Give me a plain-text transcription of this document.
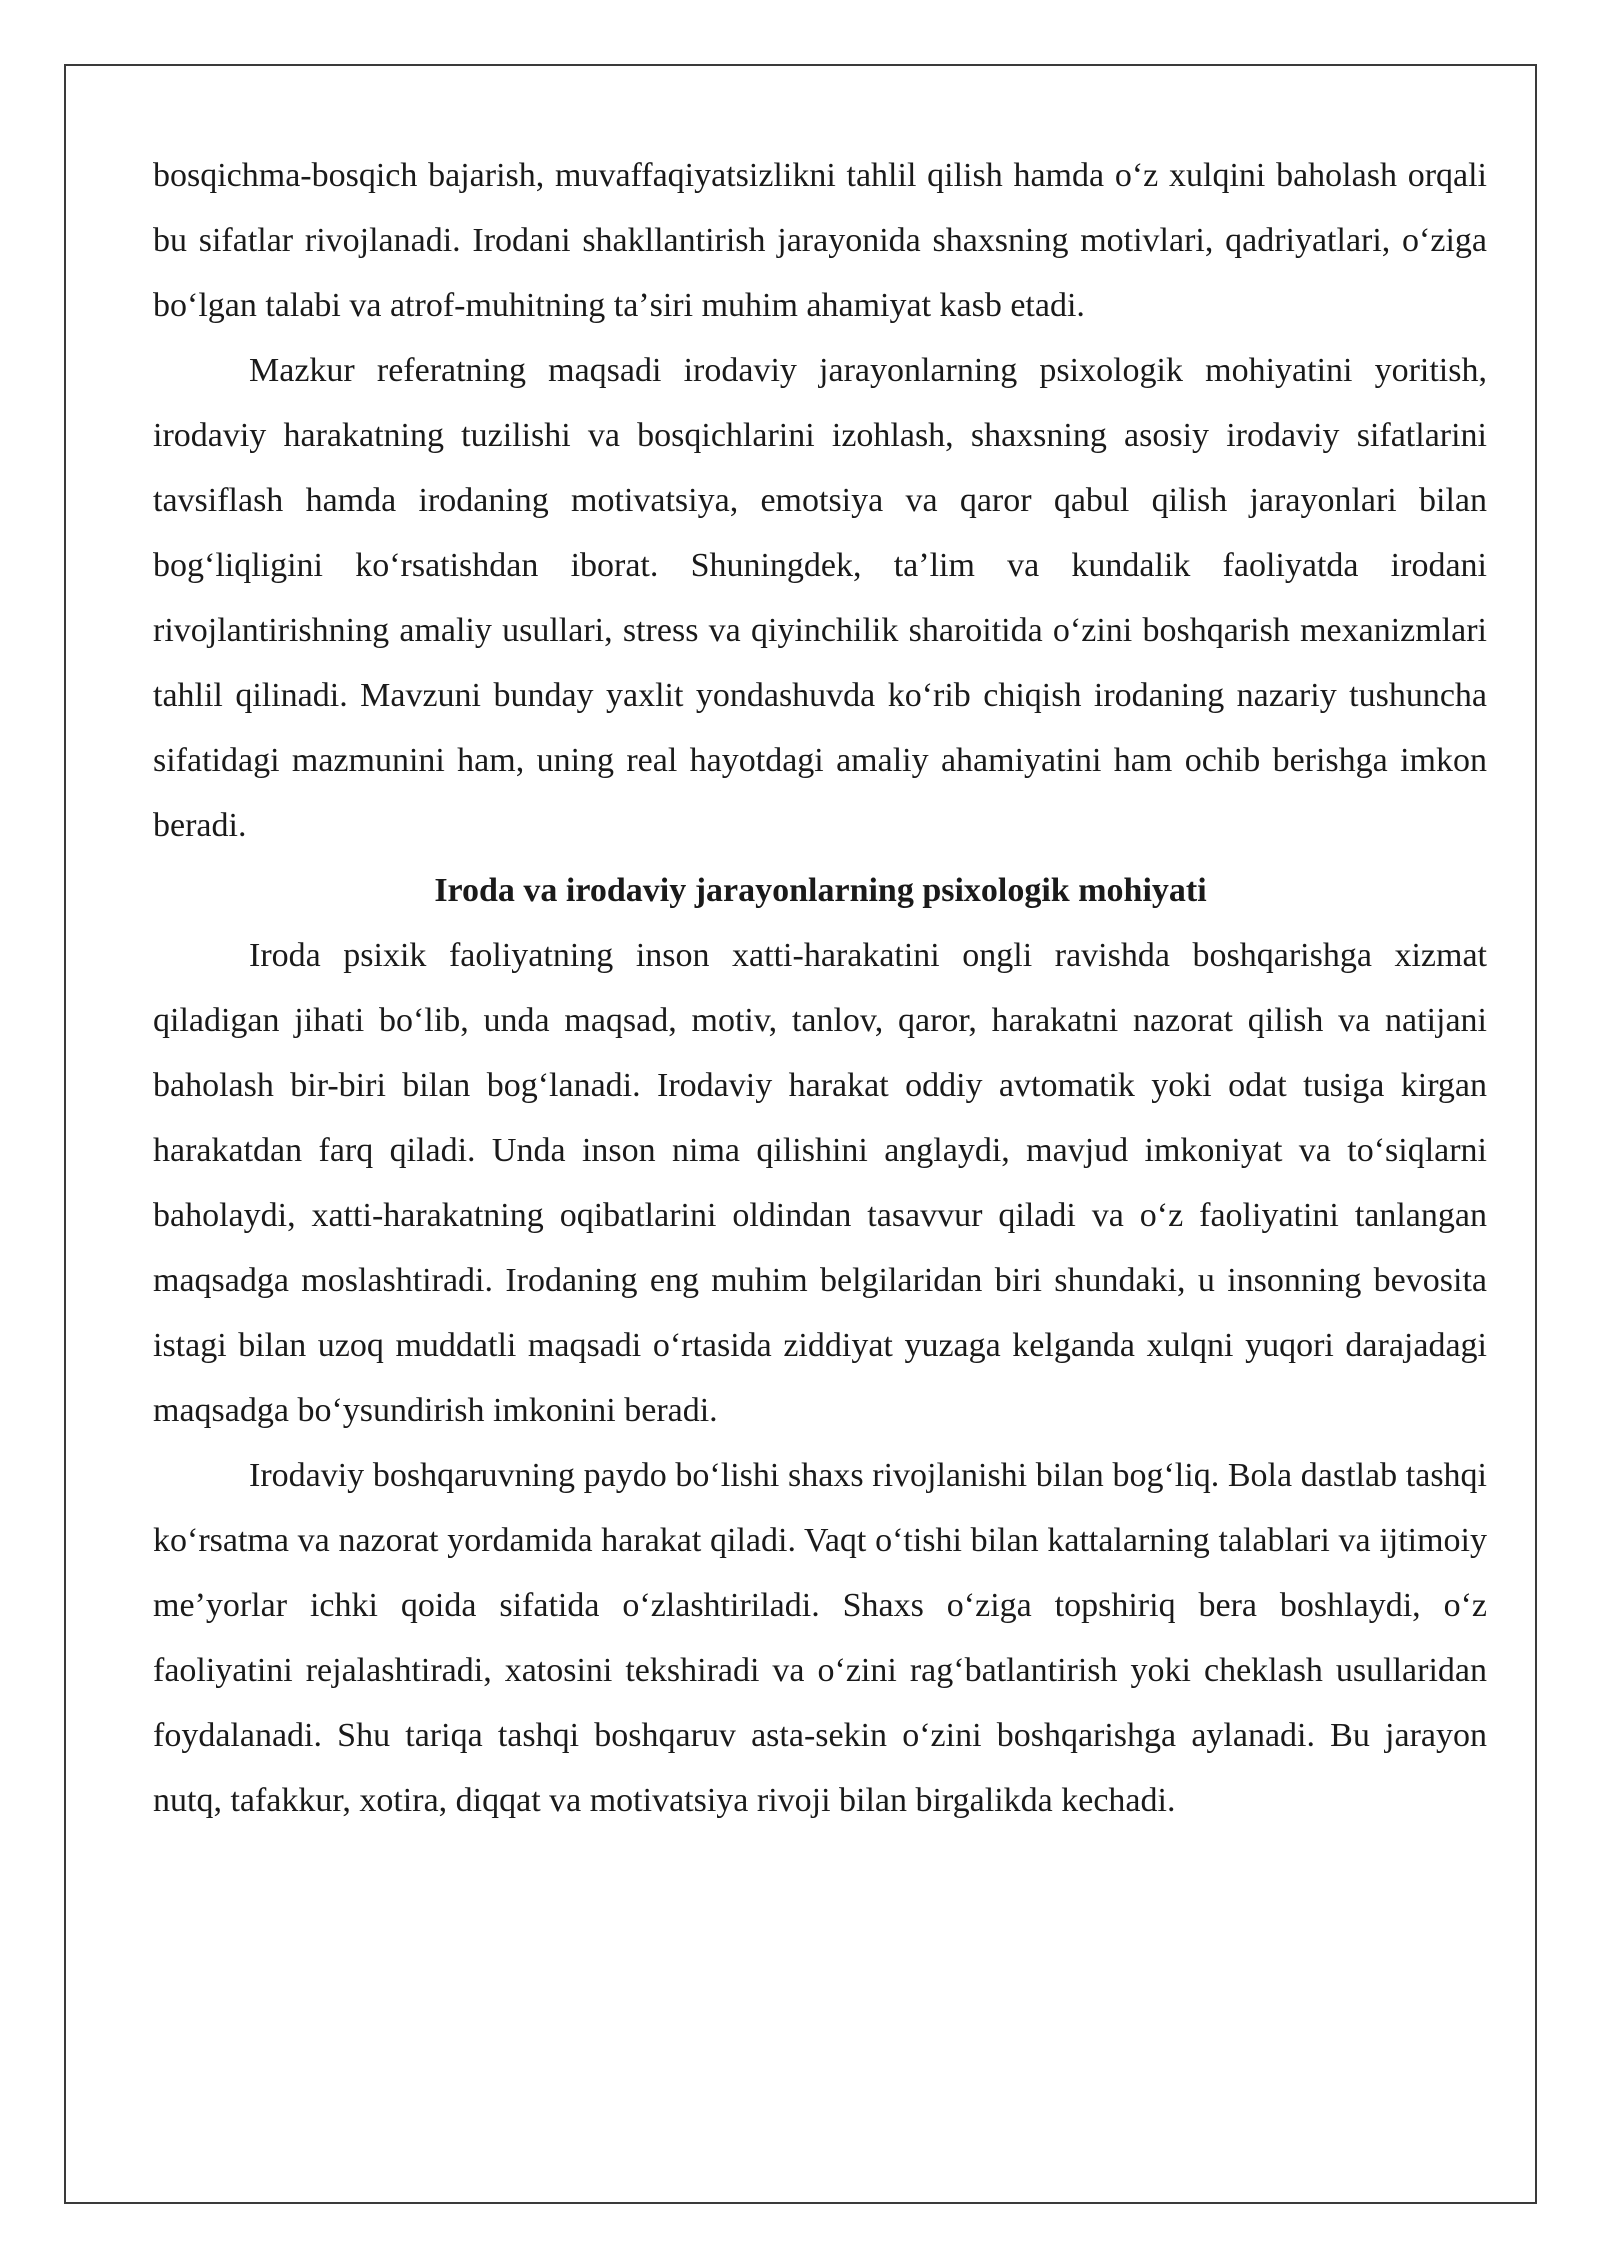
bosqichma-bosqich bajarish, muvaffaqiyatsizlikni tahlil qilish hamda oʻz xulqini baholash orqali bu sifatlar rivojlanadi. Irodani shakllantirish jarayonida shaxsning motivlari, qadriyatlari, oʻziga boʻlgan talabi va atrof-muhitning taʼsiri muhim ahamiyat kasb etadi.

Mazkur referatning maqsadi irodaviy jarayonlarning psixologik mohiyatini yoritish, irodaviy harakatning tuzilishi va bosqichlarini izohlash, shaxsning asosiy irodaviy sifatlarini tavsiflash hamda irodaning motivatsiya, emotsiya va qaror qabul qilish jarayonlari bilan bogʻliqligini koʻrsatishdan iborat. Shuningdek, taʼlim va kundalik faoliyatda irodani rivojlantirishning amaliy usullari, stress va qiyinchilik sharoitida oʻzini boshqarish mexanizmlari tahlil qilinadi. Mavzuni bunday yaxlit yondashuvda koʻrib chiqish irodaning nazariy tushuncha sifatidagi mazmunini ham, uning real hayotdagi amaliy ahamiyatini ham ochib berishga imkon beradi.

Iroda va irodaviy jarayonlarning psixologik mohiyati

Iroda psixik faoliyatning inson xatti-harakatini ongli ravishda boshqarishga xizmat qiladigan jihati boʻlib, unda maqsad, motiv, tanlov, qaror, harakatni nazorat qilish va natijani baholash bir-biri bilan bogʻlanadi. Irodaviy harakat oddiy avtomatik yoki odat tusiga kirgan harakatdan farq qiladi. Unda inson nima qilishini anglaydi, mavjud imkoniyat va toʻsiqlarni baholaydi, xatti-harakatning oqibatlarini oldindan tasavvur qiladi va oʻz faoliyatini tanlangan maqsadga moslashtiradi. Irodaning eng muhim belgilaridan biri shundaki, u insonning bevosita istagi bilan uzoq muddatli maqsadi oʻrtasida ziddiyat yuzaga kelganda xulqni yuqori darajadagi maqsadga boʻysundirish imkonini beradi.

Irodaviy boshqaruvning paydo boʻlishi shaxs rivojlanishi bilan bogʻliq. Bola dastlab tashqi koʻrsatma va nazorat yordamida harakat qiladi. Vaqt oʻtishi bilan kattalarning talablari va ijtimoiy meʼyorlar ichki qoida sifatida oʻzlashtiriladi. Shaxs oʻziga topshiriq bera boshlaydi, oʻz faoliyatini rejalashtiradi, xatosini tekshiradi va oʻzini ragʻbatlantirish yoki cheklash usullaridan foydalanadi. Shu tariqa tashqi boshqaruv asta-sekin oʻzini boshqarishga aylanadi. Bu jarayon nutq, tafakkur, xotira, diqqat va motivatsiya rivoji bilan birgalikda kechadi.
